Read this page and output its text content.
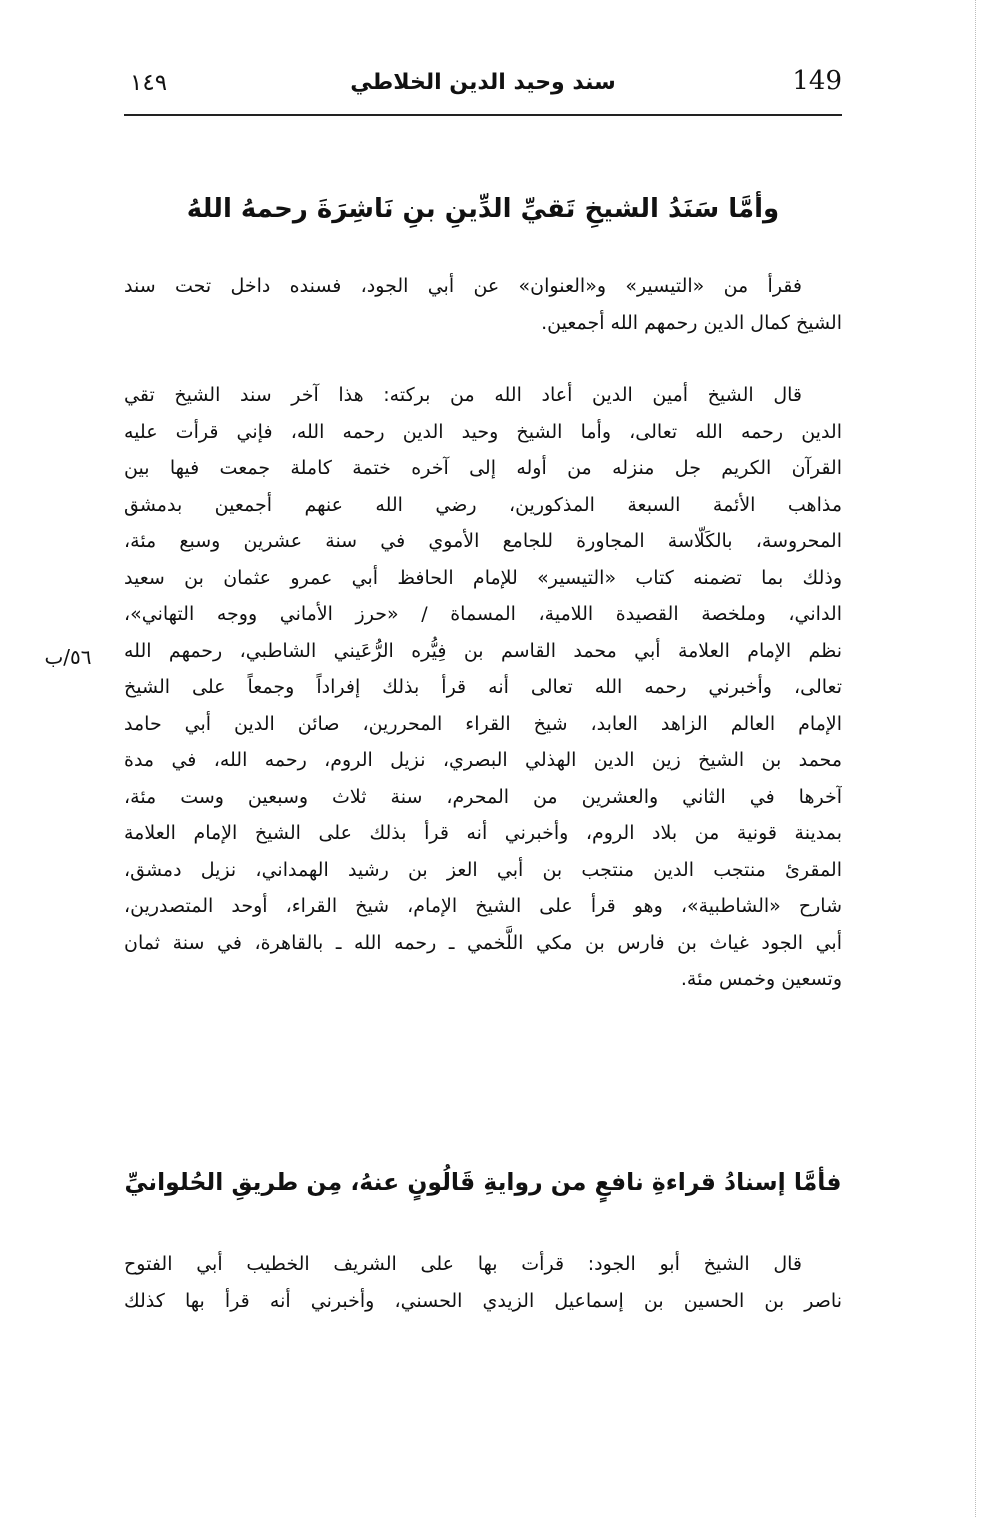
149
سند وحيد الدين الخلاطي
١٤٩
وأمَّا سَنَدُ الشيخِ تَقيِّ الدِّينِ بنِ نَاشِرَةَ رحمهُ اللهُ
فقرأ من «التيسير» و«العنوان» عن أبي الجود، فسنده داخل تحت سند
الشيخ كمال الدين رحمهم الله أجمعين.
قال الشيخ أمين الدين أعاد الله من بركته: هذا آخر سند الشيخ تقي
الدين رحمه الله تعالى، وأما الشيخ وحيد الدين رحمه الله، فإني قرأت عليه
القرآن الكريم جل منزله من أوله إلى آخره ختمة كاملة جمعت فيها بين
مذاهب الأئمة السبعة المذكورين، رضي الله عنهم أجمعين بدمشق
المحروسة، بالكَلّاسة المجاورة للجامع الأموي في سنة عشرين وسبع مئة،
وذلك بما تضمنه كتاب «التيسير» للإمام الحافظ أبي عمرو عثمان بن سعيد
الداني، وملخصة القصيدة اللامية، المسماة / «حرز الأماني ووجه التهاني»،
نظم الإمام العلامة أبي محمد القاسم بن فِيُّره الرُّعَيني الشاطبي، رحمهم الله
تعالى، وأخبرني رحمه الله تعالى أنه قرأ بذلك إفراداً وجمعاً على الشيخ
الإمام العالم الزاهد العابد، شيخ القراء المحررين، صائن الدين أبي حامد
محمد بن الشيخ زين الدين الهذلي البصري، نزيل الروم، رحمه الله، في مدة
آخرها في الثاني والعشرين من المحرم، سنة ثلاث وسبعين وست مئة،
بمدينة قونية من بلاد الروم، وأخبرني أنه قرأ بذلك على الشيخ الإمام العلامة
المقرئ منتجب الدين منتجب بن أبي العز بن رشيد الهمداني، نزيل دمشق،
شارح «الشاطبية»، وهو قرأ على الشيخ الإمام، شيخ القراء، أوحد المتصدرين،
أبي الجود غياث بن فارس بن مكي اللَّخمي ـ رحمه الله ـ بالقاهرة، في سنة ثمان
وتسعين وخمس مئة.
٥٦/ب
فأمَّا إسنادُ قراءةِ نافعٍ من روايةِ قَالُونٍ عنهُ، مِن طريقِ الحُلوانيِّ
قال الشيخ أبو الجود: قرأت بها على الشريف الخطيب أبي الفتوح
ناصر بن الحسين بن إسماعيل الزيدي الحسني، وأخبرني أنه قرأ بها كذلك
